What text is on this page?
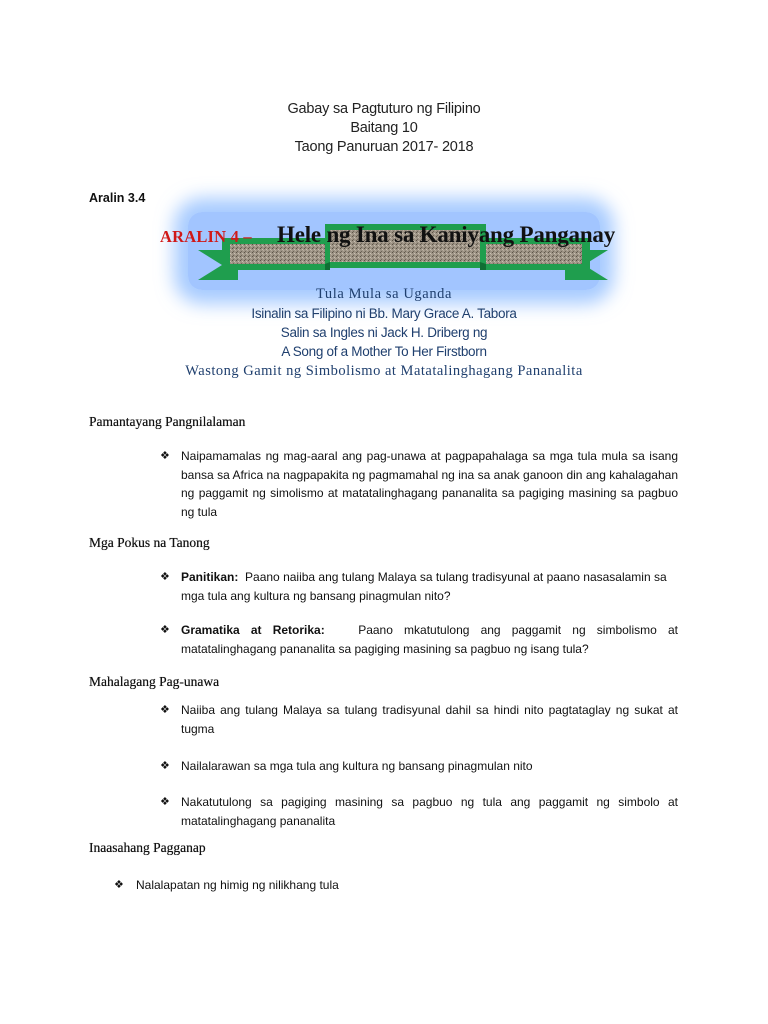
Gabay sa Pagtuturo ng Filipino
Baitang 10
Taong Panuruan 2017- 2018
Aralin 3.4
ARALIN 4 – Hele ng Ina sa Kaniyang Panganay
Tula Mula sa Uganda
Isinalin sa Filipino ni Bb. Mary Grace A. Tabora
Salin sa Ingles ni Jack H. Driberg ng
A Song of a Mother To Her Firstborn
Wastong Gamit ng Simbolismo at Matatalinghagang Pananalita
Pamantayang Pangnilalaman
❖ Naipamamalas ng mag-aaral ang pag-unawa at pagpapahalaga sa mga tula mula sa isang bansa sa Africa na nagpapakita ng pagmamahal ng ina sa anak ganoon din ang kahalagahan ng paggamit ng simolismo at matatalinghagang pananalita sa pagiging masining sa pagbuo ng tula
Mga Pokus na Tanong
❖ Panitikan: Paano naiiba ang tulang Malaya sa tulang tradisyunal at paano nasasalamin sa mga tula ang kultura ng bansang pinagmulan nito?
❖ Gramatika at Retorika:	Paano mkatutulong ang paggamit ng simbolismo at matatalinghagang pananalita sa pagiging masining sa pagbuo ng isang tula?
Mahalagang Pag-unawa
❖ Naiiba ang tulang Malaya sa tulang tradisyunal dahil sa hindi nito pagtataglay ng sukat at tugma
❖ Nailalarawan sa mga tula ang kultura ng bansang pinagmulan nito
❖ Nakatutulong sa pagiging masining sa pagbuo ng tula ang paggamit ng simbolo at matatalinghagang pananalita
Inaasahang Pagganap
❖	Nalalapatan ng himig ng nilikhang tula
